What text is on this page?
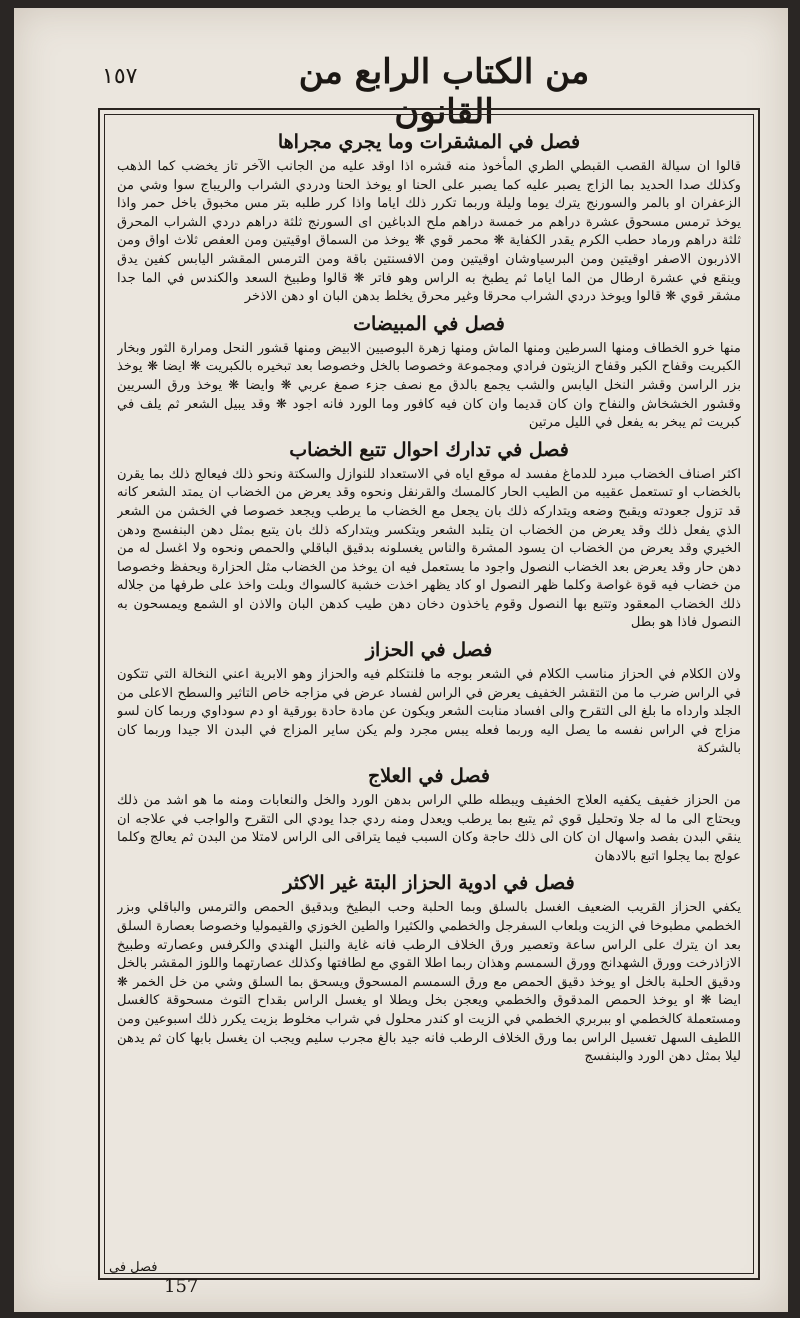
١٥٧	من الكتاب الرابع من القانون
فصل في المشقرات وما يجري مجراها

قالوا ان سيالة القصب القبطي الطري المأخوذ منه قشره اذا اوقد عليه من الجانب الآخر تاز يخضب كما الذهب وكذلك صدا الحديد بما الزاج يصبر عليه كما يصبر على الحنا او يوخذ الحنا ودردي الشراب والريباج سوا وشي من الزعفران او بالمر والسورنج يترك يوما وليلة وربما تكرر ذلك اياما واذا كرر طلبه بتر مس مخبوق باخل حمر واذا يوخذ ترمس مسحوق عشرة دراهم مر خمسة دراهم ملح الدباغين اى السورنج ثلثة دراهم دردي الشراب المحرق ثلثة دراهم ورماد حطب الكرم يقدر الكفاية ❋ محمر قوي ❋ يوخذ من السماق اوقيتين ومن العفص ثلاث اواق ومن الاذربون الاصفر اوقيتين ومن البرسياوشان اوقيتين ومن الافسنتين باقة ومن الترمس المقشر اليابس كفين يدق وينقع في عشرة ارطال من الما اياما ثم يطبخ به الراس وهو فاتر ❋ قالوا وطبيخ السعد والكندس في الما جدا مشقر قوي ❋ قالوا ويوخذ دردي الشراب محرقا وغير محرق يخلط بدهن البان او دهن الاذخر

فصل في المبيضات

منها خرو الخطاف ومنها السرطين ومنها الماش ومنها زهرة البوصيين الابيض ومنها قشور النحل ومرارة الثور وبخار الكبريت وقفاح الكبر وقفاح الزيتون فرادي ومجموعة وخصوصا بالخل وخصوصا بعد تبخيره بالكبريت ❋ ايضا ❋ يوخذ بزر الراسن وقشر النخل اليابس والشب يجمع بالدق مع نصف جزء صمغ عربي ❋ وايضا ❋ يوخذ ورق السريين وقشور الخشخاش والنفاح وان كان قديما وان كان فيه كافور وما الورد فانه اجود ❋ وقد يبيل الشعر ثم يلف في كبريت ثم يبخر به يفعل في الليل مرتين

فصل في تدارك احوال تتبع الخضاب

اكثر اصناف الخضاب مبرد للدماغ مفسد له موقع اياه في الاستعداد للنوازل والسكتة ونحو ذلك فيعالج ذلك بما يقرن بالخضاب او تستعمل عقيبه من الطيب الحار كالمسك والقرنفل ونحوه وقد يعرض من الخضاب ان يمتد الشعر كانه قد تزول جعودته ويقبح وضعه ويتداركه ذلك بان يجعل مع الخضاب ما يرطب ويجعد خصوصا في الخشن من الشعر الذي يفعل ذلك وقد يعرض من الخضاب ان يتلبد الشعر ويتكسر ويتداركه ذلك بان يتبع بمثل دهن البنفسج ودهن الخيري وقد يعرض من الخضاب ان يسود المشرة والناس يغسلونه بدقيق الباقلي والحمص ونحوه ولا اغسل له من دهن حار وقد يعرض بعد الخضاب النصول واجود ما يستعمل فيه ان يوخذ من الخضاب مثل الحزارة ويحفظ وخصوصا من خضاب فيه قوة غواصة وكلما ظهر النصول او كاد يظهر اخذت خشبة كالسواك وبلت واخذ على طرفها من جلاله ذلك الخضاب المعقود وتتبع بها النصول وقوم ياخذون دخان دهن طيب كدهن البان والاذن او الشمع ويمسحون به النصول فاذا هو بطل

فصل في الحزاز

ولان الكلام في الحزاز مناسب الكلام في الشعر بوجه ما فلنتكلم فيه والحزاز وهو الابرية اعني النخالة التي تتكون في الراس ضرب ما من التقشر الخفيف يعرض في الراس لفساد عرض في مزاجه خاص التاثير والسطح الاعلى من الجلد وارداه ما بلغ الى التقرح والى افساد منابت الشعر ويكون عن مادة حادة بورقية او دم سوداوي وربما كان لسو مزاج في الراس نفسه ما يصل اليه وربما فعله يبس مجرد ولم يكن ساير المزاج في البدن الا جيدا وربما كان بالشركة

فصل في العلاج

من الحزاز خفيف يكفيه العلاج الخفيف ويبطله طلي الراس بدهن الورد والخل والنعابات ومنه ما هو اشد من ذلك ويحتاج الى ما له جلا وتحليل قوي ثم يتبع بما يرطب ويعدل ومنه ردي جدا يودي الى التقرح والواجب في علاجه ان ينقي البدن بفصد واسهال ان كان الى ذلك حاجة وكان السبب فيما يتراقى الى الراس لامتلا من البدن ثم يعالج وكلما عولج بما يجلوا اتبع بالادهان

فصل في ادوية الحزاز البتة غير الاكثر

يكفي الحزاز القريب الضعيف الغسل بالسلق وبما الحلبة وحب البطيخ وبدقيق الحمص والترمس والباقلي وبزر الخطمي مطبوخا في الزيت وبلعاب السفرجل والخطمي والكثيرا والطين الخوزي والقيموليا وخصوصا بعصارة السلق بعد ان يترك على الراس ساعة وتعصير ورق الخلاف الرطب فانه غاية والنبل الهندي والكرفس وعصارته وطبيخ الازاذرخت وورق الشهدانج وورق السمسم وهذان ربما اطلا القوي مع لطافتها وكذلك عصارتهما واللوز المقشر بالخل ودقيق الحلبة بالخل او يوخذ دقيق الحمص مع ورق السمسم المسحوق ويسحق بما السلق وشي من خل الخمر ❋ ايضا ❋ او يوخذ الحمص المدقوق والخطمي ويعجن بخل ويطلا او يغسل الراس بقداح التوث مسحوقة كالغسل ومستعملة كالخطمي او ببربري الخطمي في الزيت او كندر محلول في شراب مخلوط بزيت يكرر ذلك اسبوعين ومن اللطيف السهل تغسيل الراس بما ورق الخلاف الرطب فانه جيد بالغ مجرب سليم ويجب ان يغسل بابها كان ثم يدهن ليلا بمثل دهن الورد والبنفسج

فصل في
157
